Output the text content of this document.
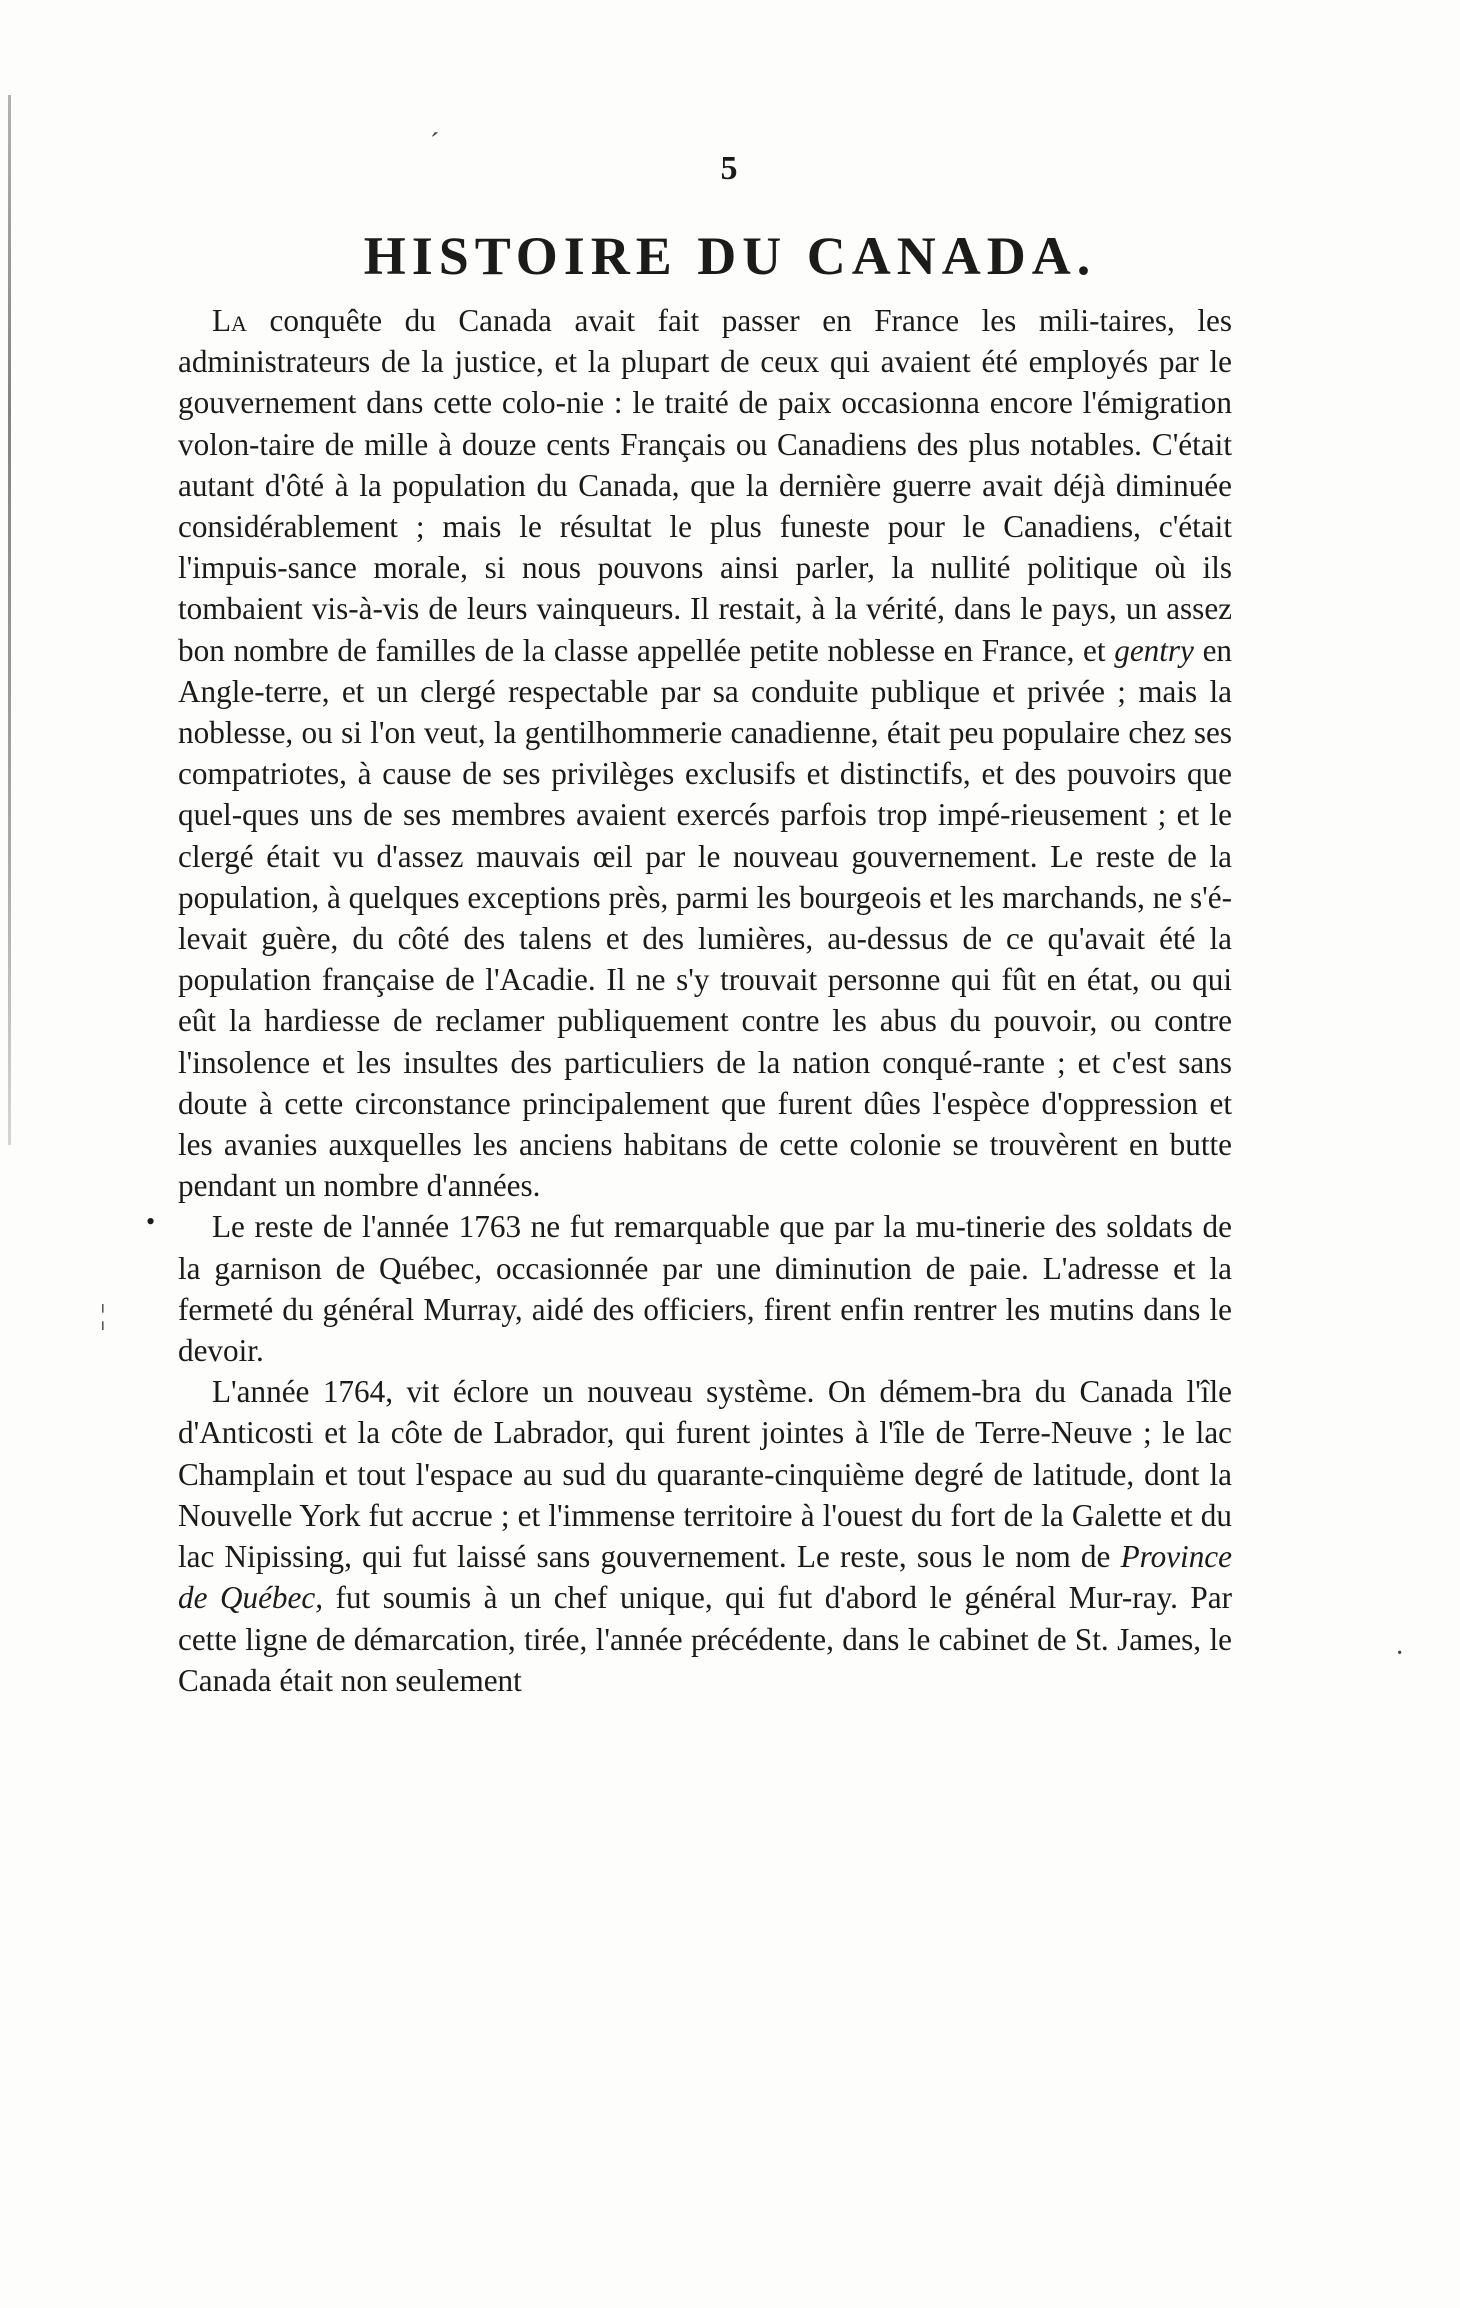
5
HISTOIRE DU CANADA.
•
ˊ
·
¦

La conquête du Canada avait fait passer en France les mili-taires, les administrateurs de la justice, et la plupart de ceux qui avaient été employés par le gouvernement dans cette colo-nie : le traité de paix occasionna encore l'émigration volon-taire de mille à douze cents Français ou Canadiens des plus notables. C'était autant d'ôté à la population du Canada, que la dernière guerre avait déjà diminuée considérablement ; mais le résultat le plus funeste pour le Canadiens, c'était l'impuis-sance morale, si nous pouvons ainsi parler, la nullité politique où ils tombaient vis-à-vis de leurs vainqueurs. Il restait, à la vérité, dans le pays, un assez bon nombre de familles de la classe appellée petite noblesse en France, et gentry en Angle-terre, et un clergé respectable par sa conduite publique et privée ; mais la noblesse, ou si l'on veut, la gentilhommerie canadienne, était peu populaire chez ses compatriotes, à cause de ses privilèges exclusifs et distinctifs, et des pouvoirs que quel-ques uns de ses membres avaient exercés parfois trop impé-rieusement ; et le clergé était vu d'assez mauvais œil par le nouveau gouvernement. Le reste de la population, à quelques exceptions près, parmi les bourgeois et les marchands, ne s'é-levait guère, du côté des talens et des lumières, au-dessus de ce qu'avait été la population française de l'Acadie. Il ne s'y trouvait personne qui fût en état, ou qui eût la hardiesse de reclamer publiquement contre les abus du pouvoir, ou contre l'insolence et les insultes des particuliers de la nation conqué-rante ; et c'est sans doute à cette circonstance principalement que furent dûes l'espèce d'oppression et les avanies auxquelles les anciens habitans de cette colonie se trouvèrent en butte pendant un nombre d'années.

Le reste de l'année 1763 ne fut remarquable que par la mu-tinerie des soldats de la garnison de Québec, occasionnée par une diminution de paie. L'adresse et la fermeté du général Murray, aidé des officiers, firent enfin rentrer les mutins dans le devoir.

L'année 1764, vit éclore un nouveau système. On démem-bra du Canada l'île d'Anticosti et la côte de Labrador, qui furent jointes à l'île de Terre-Neuve ; le lac Champlain et tout l'espace au sud du quarante-cinquième degré de latitude, dont la Nouvelle York fut accrue ; et l'immense territoire à l'ouest du fort de la Galette et du lac Nipissing, qui fut laissé sans gouvernement. Le reste, sous le nom de Province de Québec, fut soumis à un chef unique, qui fut d'abord le général Mur-ray. Par cette ligne de démarcation, tirée, l'année précédente, dans le cabinet de St. James, le Canada était non seulement
